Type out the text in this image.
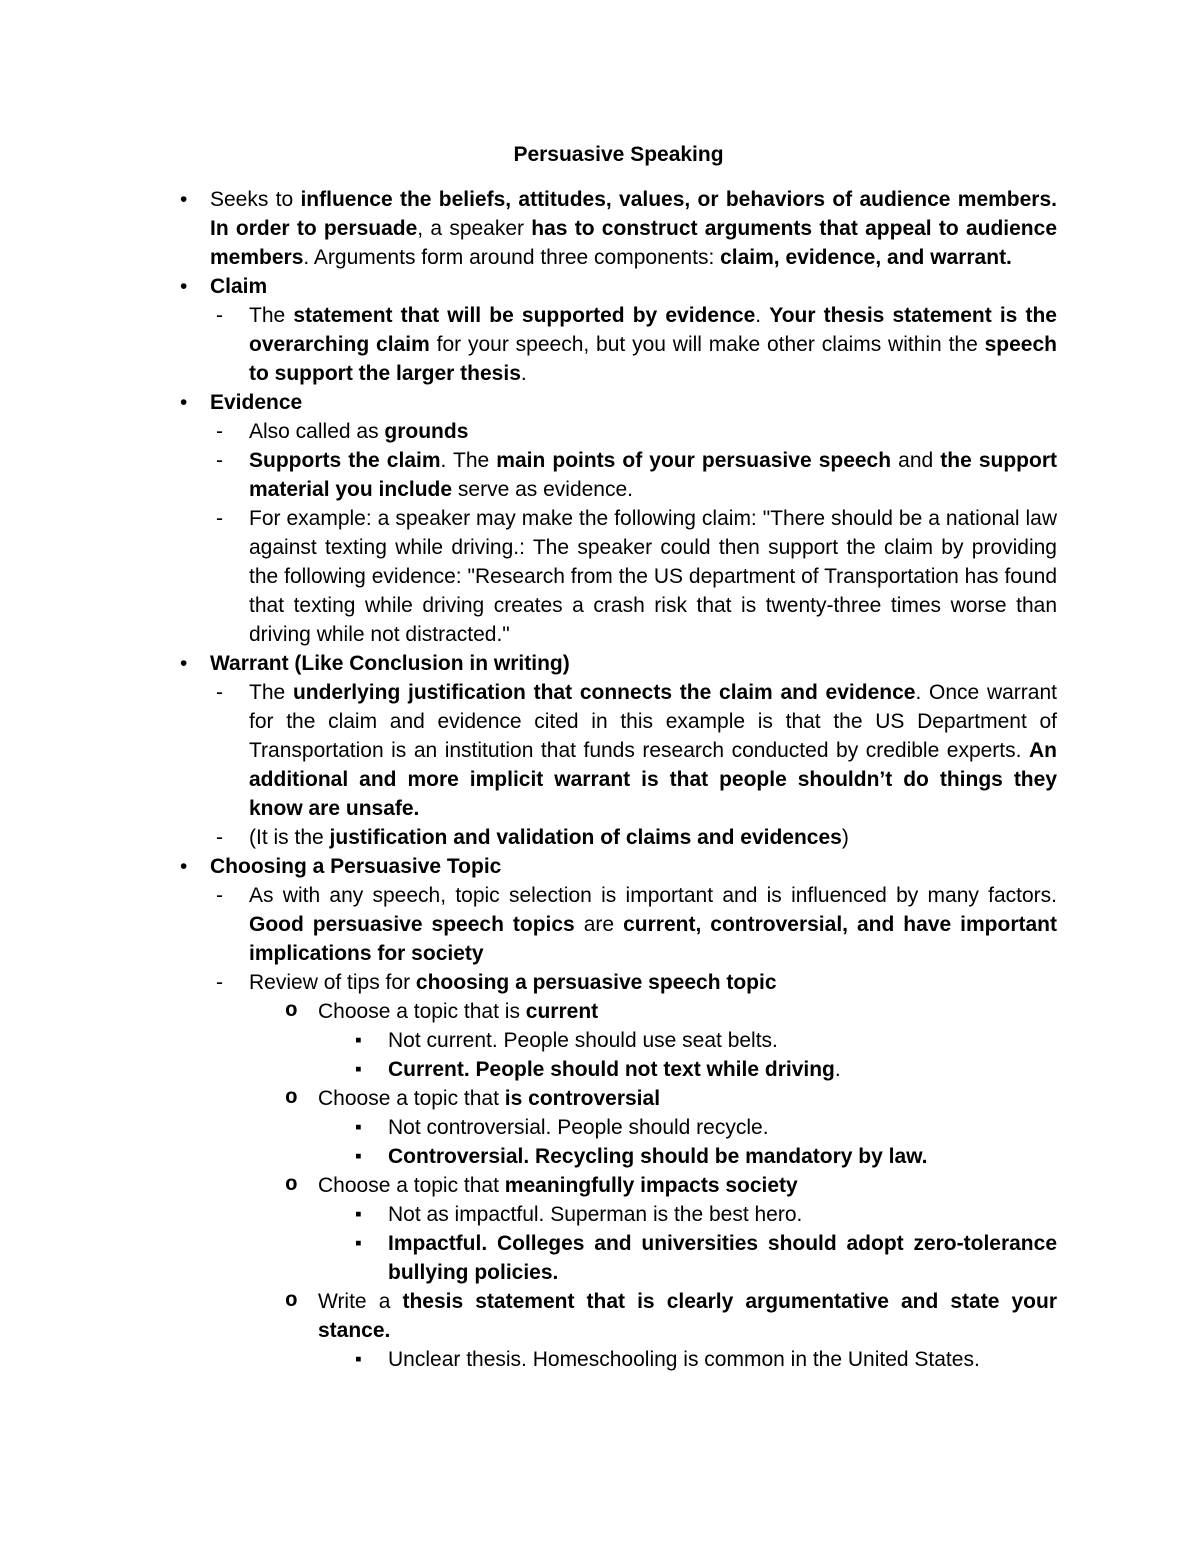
Persuasive Speaking
•	Seeks to influence the beliefs, attitudes, values, or behaviors of audience members. In order to persuade, a speaker has to construct arguments that appeal to audience members. Arguments form around three components: claim, evidence, and warrant.

•	Claim

-	The statement that will be supported by evidence. Your thesis statement is the overarching claim for your speech, but you will make other claims within the speech to support the larger thesis.

•	Evidence

-	Also called as grounds

-	Supports the claim. The main points of your persuasive speech and the support material you include serve as evidence.

-	For example: a speaker may make the following claim: "There should be a national law against texting while driving.: The speaker could then support the claim by providing the following evidence: "Research from the US department of Transportation has found that texting while driving creates a crash risk that is twenty-three times worse than driving while not distracted."

•	Warrant (Like Conclusion in writing)

-	The underlying justification that connects the claim and evidence. Once warrant for the claim and evidence cited in this example is that the US Department of Transportation is an institution that funds research conducted by credible experts. An additional and more implicit warrant is that people shouldn’t do things they know are unsafe.

-	(It is the justification and validation of claims and evidences)

•	Choosing a Persuasive Topic

-	As with any speech, topic selection is important and is influenced by many factors. Good persuasive speech topics are current, controversial, and have important implications for society

-	Review of tips for choosing a persuasive speech topic

o Choose a topic that is current

▪	Not current. People should use seat belts.

▪	Current. People should not text while driving.

o Choose a topic that is controversial

▪	Not controversial. People should recycle.

▪	Controversial. Recycling should be mandatory by law.

o Choose a topic that meaningfully impacts society

▪	Not as impactful. Superman is the best hero.

▪	Impactful. Colleges and universities should adopt zero-tolerance bullying policies.

o Write a thesis statement that is clearly argumentative and state your stance.

▪	Unclear thesis. Homeschooling is common in the United States.
